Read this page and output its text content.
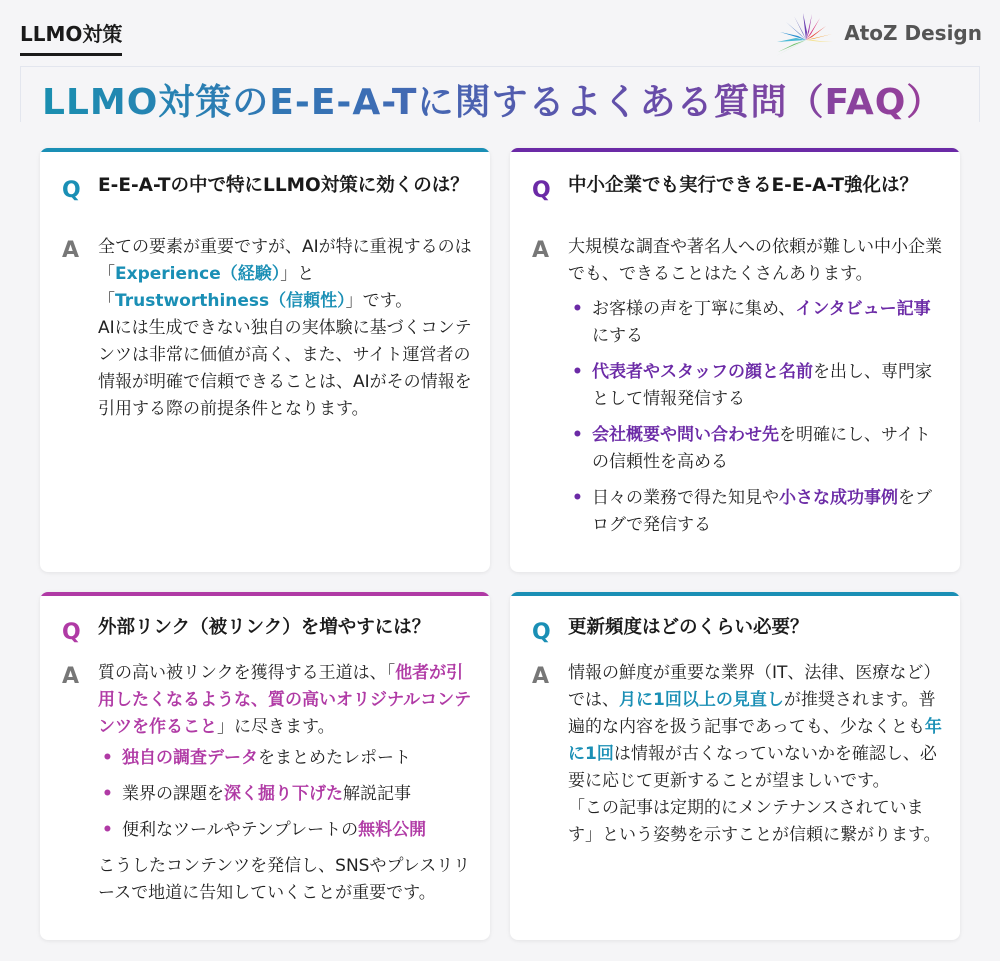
LLMO対策	AtoZ Design
LLMO対策のE-E-A-Tに関するよくある質問（FAQ）
Q E-E-A-Tの中で特にLLMO対策に効くのは？
A	全ての要素が重要ですが、AIが特に重視するのは「Experience（経験）」と「Trustworthiness（信頼性）」です。
AIには生成できない独自の実体験に基づくコンテンツは非常に価値が高く、また、サイト運営者の情報が明確で信頼できることは、AIがその情報を引用する際の前提条件となります。
Q 中小企業でも実行できるE-E-A-T強化は？
A	大規模な調査や著名人への依頼が難しい中小企業でも、できることはたくさんあります。
• お客様の声を丁寧に集め、インタビュー記事にする
• 代表者やスタッフの顔と名前を出し、専門家として情報発信する
• 会社概要や問い合わせ先を明確にし、サイトの信頼性を高める
• 日々の業務で得た知見や小さな成功事例をブログで発信する
Q 外部リンク（被リンク）を増やすには？
A	質の高い被リンクを獲得する王道は、「他者が引用したくなるような、質の高いオリジナルコンテンツを作ること」に尽きます。
• 独自の調査データをまとめたレポート
• 業界の課題を深く掘り下げた解説記事
• 便利なツールやテンプレートの無料公開
こうしたコンテンツを発信し、SNSやプレスリリースで地道に告知していくことが重要です。
Q 更新頻度はどのくらい必要？
A	情報の鮮度が重要な業界（IT、法律、医療など）では、月に1回以上の見直しが推奨されます。普遍的な内容を扱う記事であっても、少なくとも年に1回は情報が古くなっていないかを確認し、必要に応じて更新することが望ましいです。
「この記事は定期的にメンテナンスされています」という姿勢を示すことが信頼に繋がります。
